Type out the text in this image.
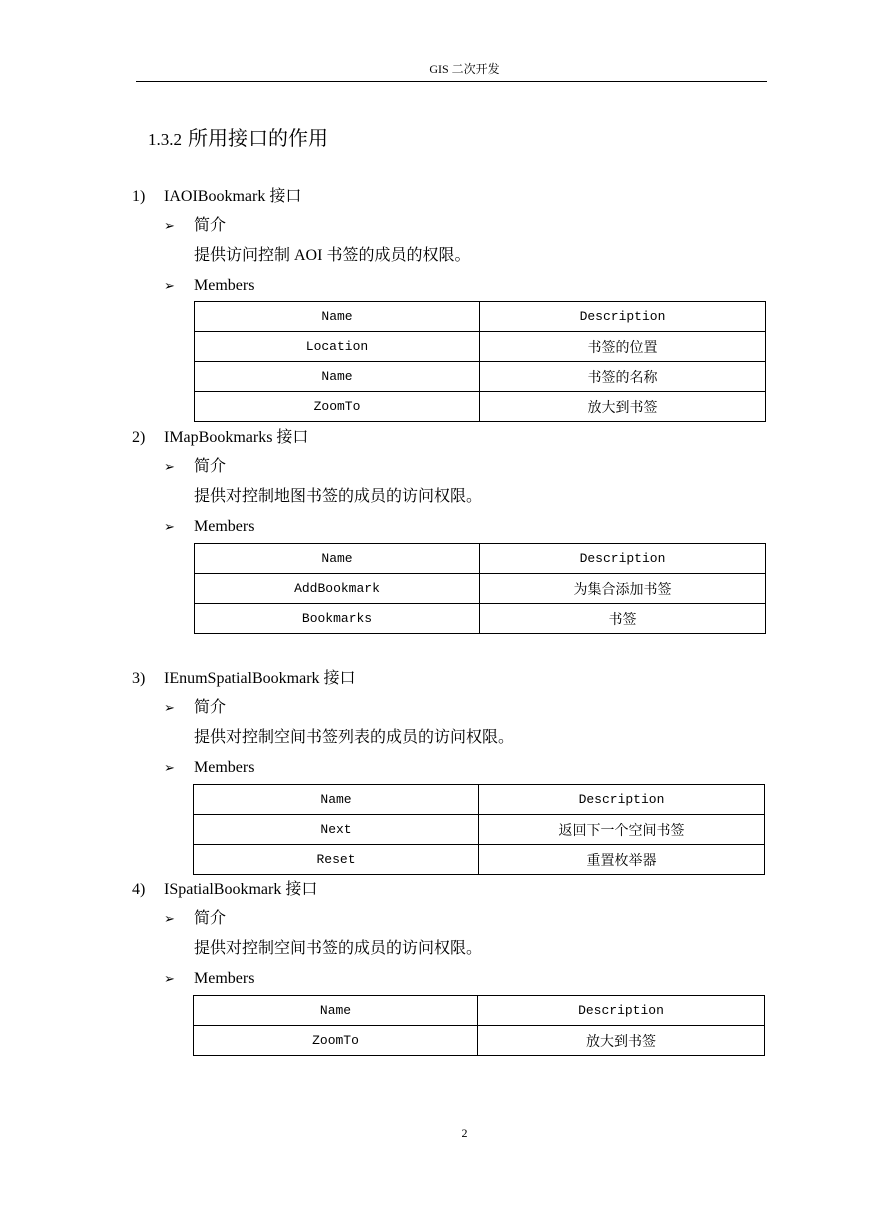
GIS 二次开发
1.3.2 所用接口的作用
1) IAOIBookmark 接口
➢ 简介
提供访问控制 AOI 书签的成员的权限。
➢ Members
Name	Description
Location	书签的位置
Name	书签的名称
ZoomTo	放大到书签
2) IMapBookmarks 接口
➢ 简介
提供对控制地图书签的成员的访问权限。
➢ Members
Name	Description
AddBookmark	为集合添加书签
Bookmarks	书签
3) IEnumSpatialBookmark 接口
➢ 简介
提供对控制空间书签列表的成员的访问权限。
➢ Members
Name	Description
Next	返回下一个空间书签
Reset	重置枚举器
4) ISpatialBookmark 接口
➢ 简介
提供对控制空间书签的成员的访问权限。
➢ Members
Name	Description
ZoomTo	放大到书签
2
